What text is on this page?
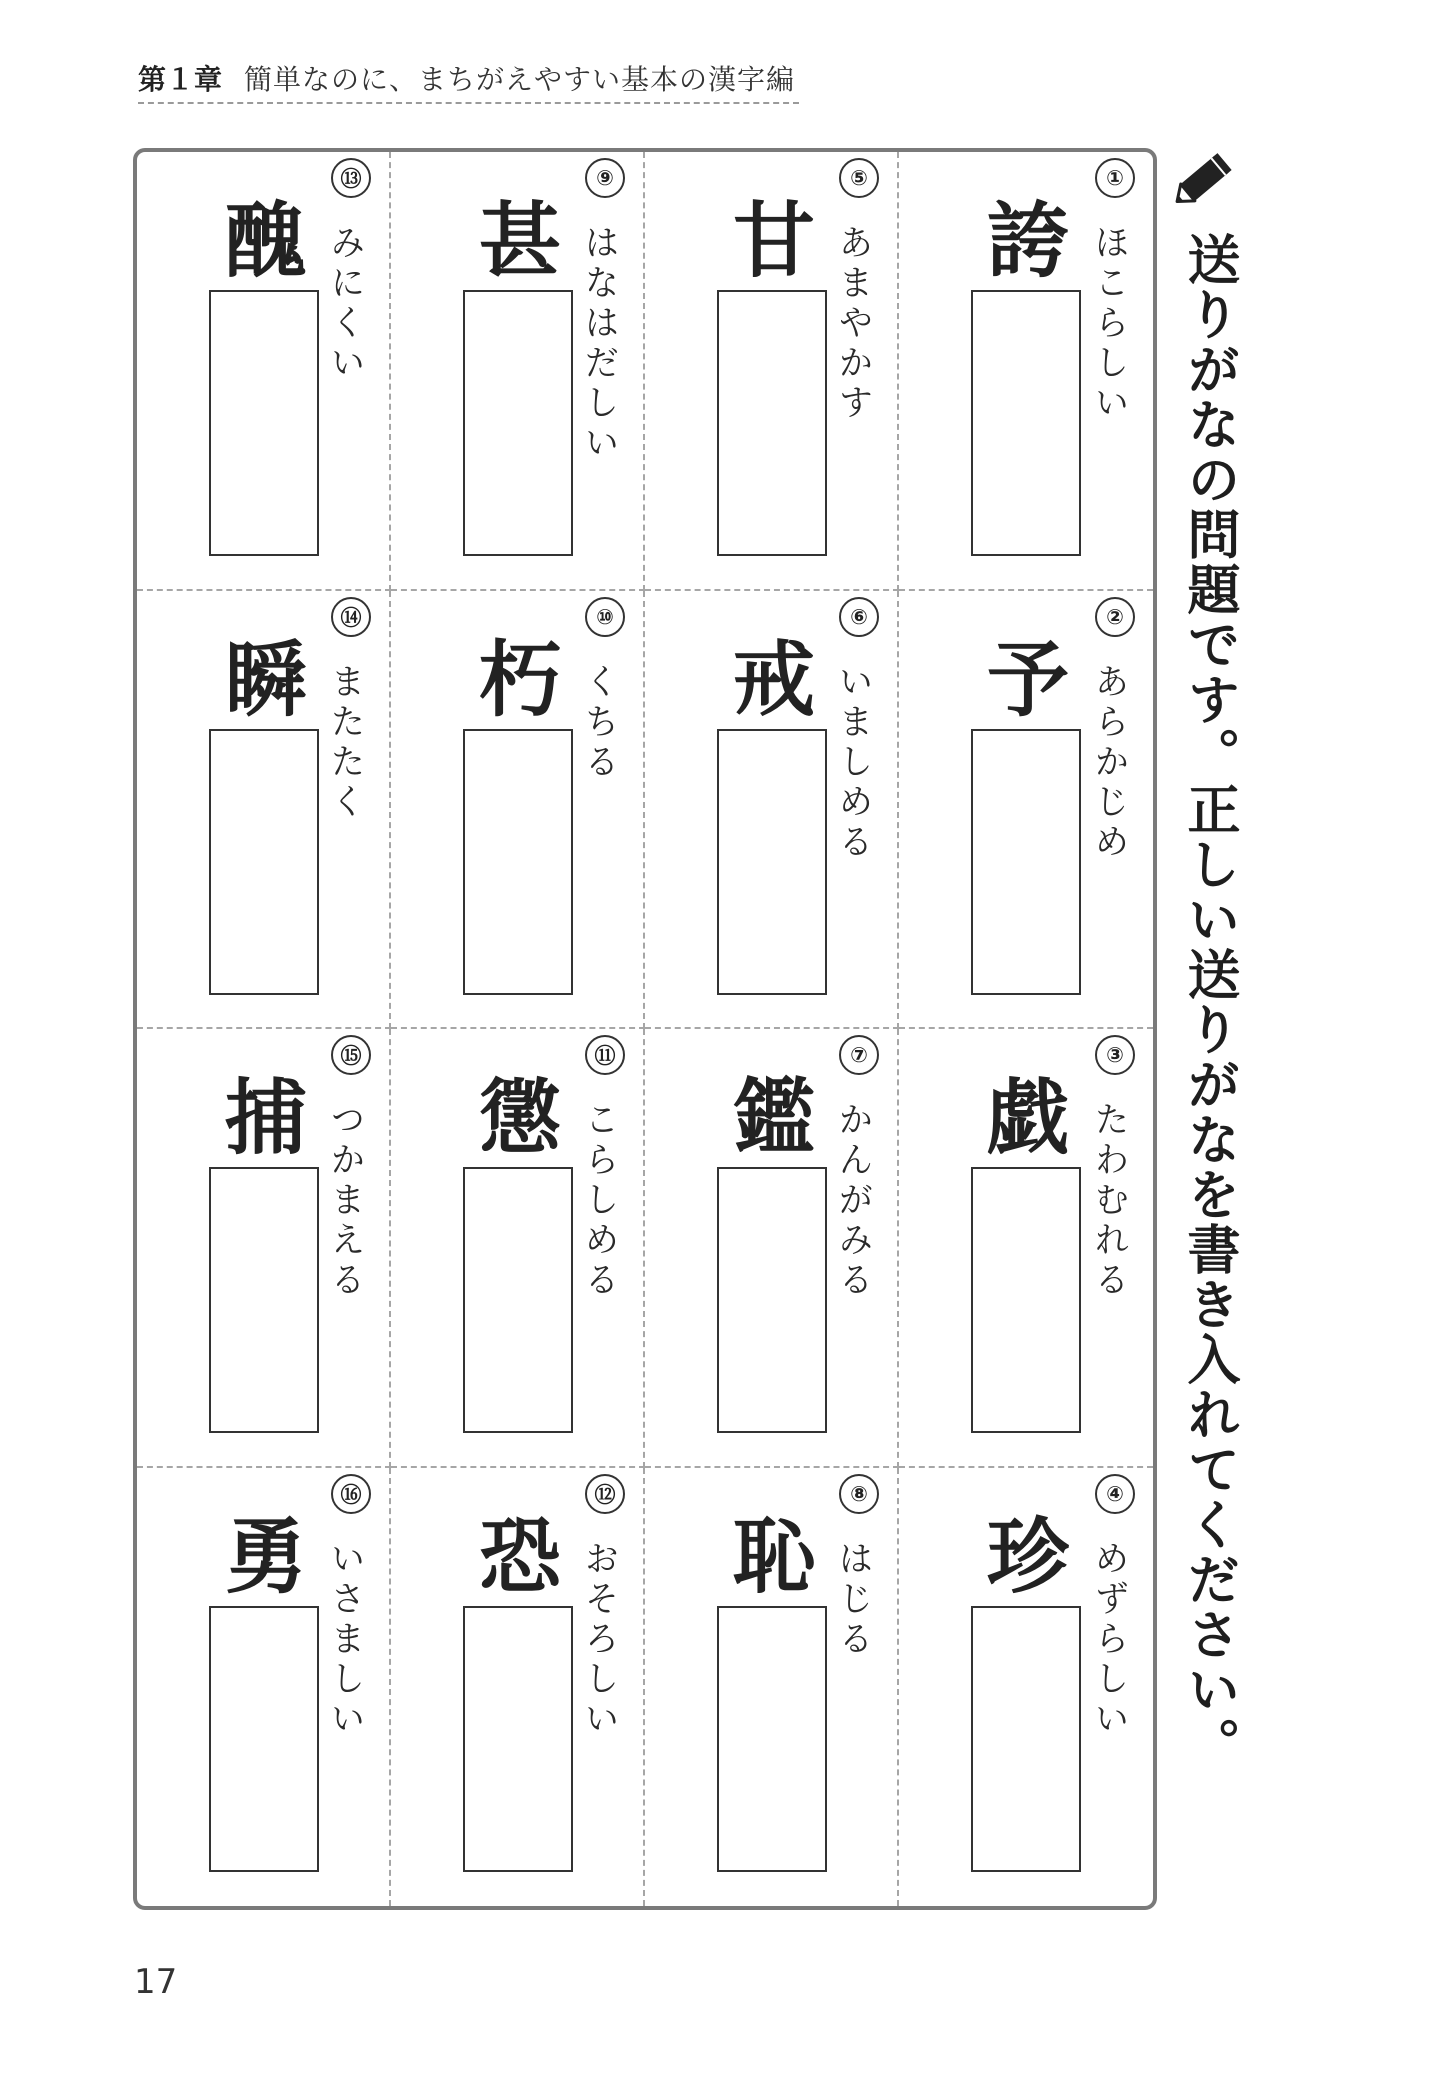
第１章 簡単なのに、まちがえやすい基本の漢字編
送りがなの問題です。正しい送りがなを書き入れてください。
⑬
みにくい
醜
⑨
はなはだしい
甚
⑤
あまやかす
甘
①
ほこらしい
誇
⑭
またたく
瞬
⑩
くちる
朽
⑥
いましめる
戒
②
あらかじめ
予
⑮
つかまえる
捕
⑪
こらしめる
懲
⑦
かんがみる
鑑
③
たわむれる
戯
⑯
いさましい
勇
⑫
おそろしい
恐
⑧
はじる
恥
④
めずらしい
珍
17
